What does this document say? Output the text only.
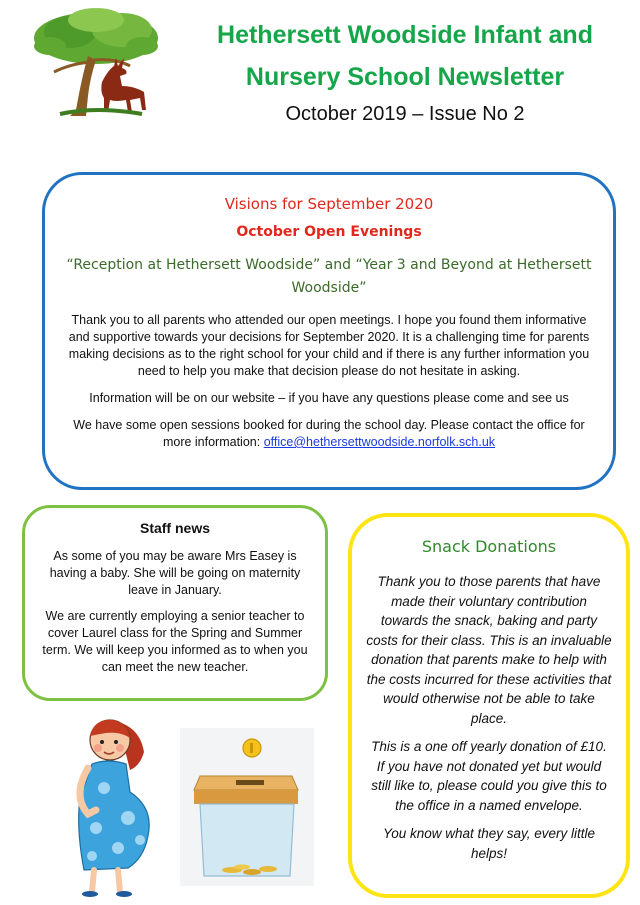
Hethersett Woodside Infant and
Nursery School Newsletter
October 2019 – Issue No 2
Visions for September 2020
October Open Evenings
“Reception at Hethersett Woodside” and “Year 3 and Beyond at Hethersett Woodside”
Thank you to all parents who attended our open meetings. I hope you found them informative and supportive towards your decisions for September 2020. It is a challenging time for parents making decisions as to the right school for your child and if there is any further information you need to help you make that decision please do not hesitate in asking.
Information will be on our website – if you have any questions please come and see us
We have some open sessions booked for during the school day. Please contact the office for more information: office@hethersettwoodside.norfolk.sch.uk
Staff news
As some of you may be aware Mrs Easey is having a baby. She will be going on maternity leave in January.
We are currently employing a senior teacher to cover Laurel class for the Spring and Summer term. We will keep you informed as to when you can meet the new teacher.
Snack Donations
Thank you to those parents that have made their voluntary contribution towards the snack, baking and party costs for their class. This is an invaluable donation that parents make to help with the costs incurred for these activities that would otherwise not be able to take place.
This is a one off yearly donation of £10. If you have not donated yet but would still like to, please could you give this to the office in a named envelope.
You know what they say, every little helps!
